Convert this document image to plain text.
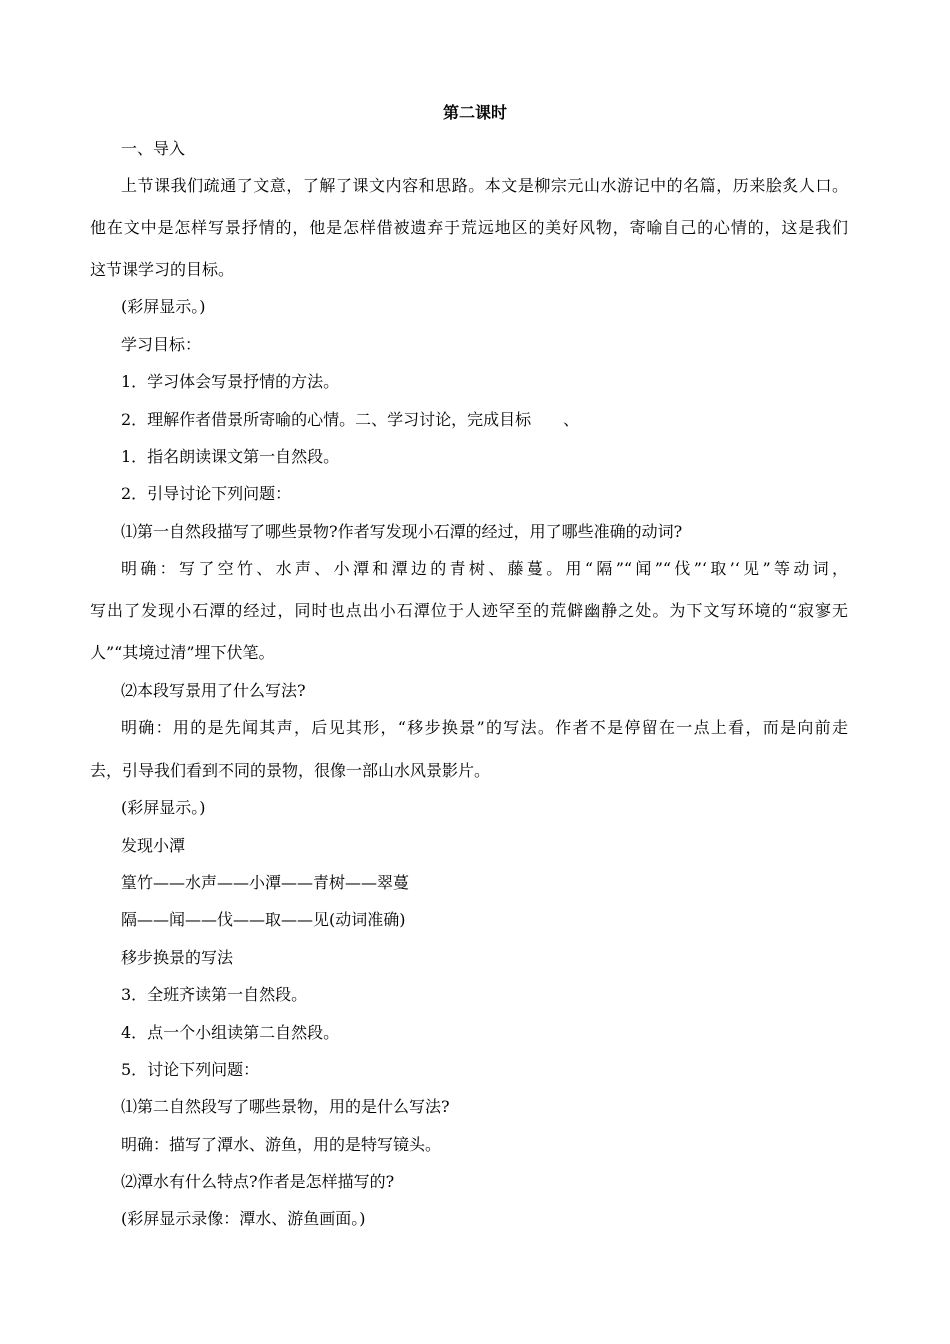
第二课时
一、导入
上节课我们疏通了文意，了解了课文内容和思路。本文是柳宗元山水游记中的名篇，历来脍炙人口。
他在文中是怎样写景抒情的，他是怎样借被遗弃于荒远地区的美好风物，寄喻自己的心情的，这是我们
这节课学习的目标。
(彩屏显示。)
学习目标：
1．学习体会写景抒情的方法。
2．理解作者借景所寄喻的心情。二、学习讨论，完成目标　　、
1．指名朗读课文第一自然段。
2．引导讨论下列问题：
⑴第一自然段描写了哪些景物?作者写发现小石潭的经过，用了哪些准确的动词?
明确：写了空竹、水声、小潭和潭边的青树、藤蔓。用“隔”“闻”“伐”‘取’‘见”等动词，
写出了发现小石潭的经过，同时也点出小石潭位于人迹罕至的荒僻幽静之处。为下文写环境的“寂寥无
人”“其境过清”埋下伏笔。
⑵本段写景用了什么写法?
明确：用的是先闻其声，后见其形，“移步换景”的写法。作者不是停留在一点上看，而是向前走
去，引导我们看到不同的景物，很像一部山水风景影片。
(彩屏显示。)
发现小潭
篁竹——水声——小潭——青树——翠蔓
隔——闻——伐——取——见(动词准确)
移步换景的写法
3．全班齐读第一自然段。
4．点一个小组读第二自然段。
5．讨论下列问题：
⑴第二自然段写了哪些景物，用的是什么写法?
明确：描写了潭水、游鱼，用的是特写镜头。
⑵潭水有什么特点?作者是怎样描写的?
(彩屏显示录像：潭水、游鱼画面。)
